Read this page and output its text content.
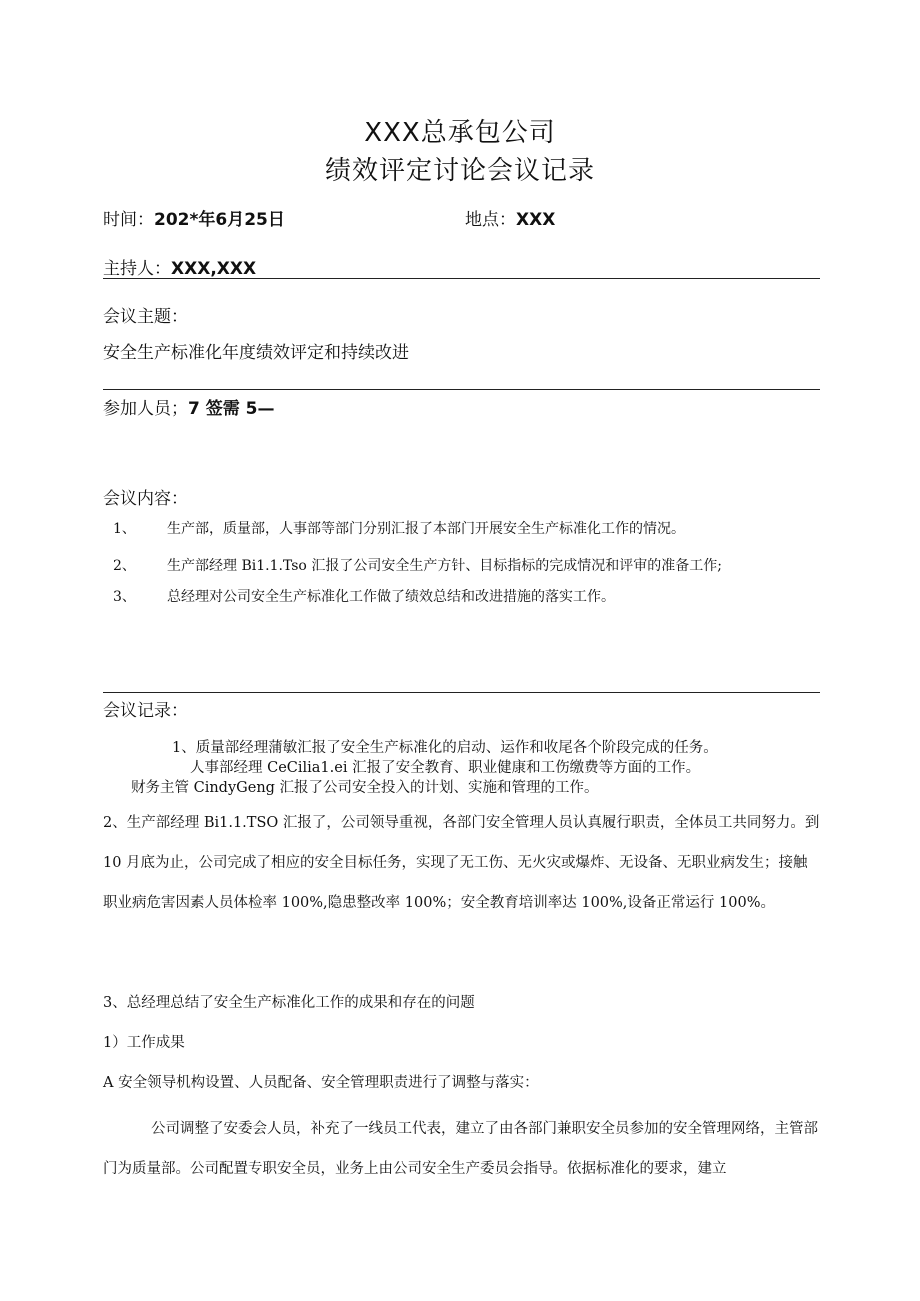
XXX总承包公司
绩效评定讨论会议记录
时间：202*年6月25日	地点：XXX
主持人：XXX,XXX
会议主题：
安全生产标准化年度绩效评定和持续改进
参加人员；7 签需 5—
会议内容：
1、 生产部，质量部，人事部等部门分别汇报了本部门开展安全生产标准化工作的情况。
2、 生产部经理 Bi1.1.Tso 汇报了公司安全生产方针、目标指标的完成情况和评审的准备工作;
3、 总经理对公司安全生产标准化工作做了绩效总结和改进措施的落实工作。
会议记录：
1、质量部经理蒲敏汇报了安全生产标准化的启动、运作和收尾各个阶段完成的任务。
人事部经理 CeCilia1.ei 汇报了安全教育、职业健康和工伤缴费等方面的工作。
财务主管 CindyGeng 汇报了公司安全投入的计划、实施和管理的工作。
2、生产部经理 Bi1.1.TSO 汇报了，公司领导重视，各部门安全管理人员认真履行职责，全体员工共同努力。到 10 月底为止，公司完成了相应的安全目标任务，实现了无工伤、无火灾或爆炸、无设备、无职业病发生；接触职业病危害因素人员体检率 100%,隐患整改率 100%；安全教育培训率达 100%,设备正常运行 100%。
3、总经理总结了安全生产标准化工作的成果和存在的问题
1）工作成果
A 安全领导机构设置、人员配备、安全管理职责进行了调整与落实：
公司调整了安委会人员，补充了一线员工代表，建立了由各部门兼职安全员参加的安全管理网络，主管部门为质量部。公司配置专职安全员，业务上由公司安全生产委员会指导。依据标准化的要求，建立
